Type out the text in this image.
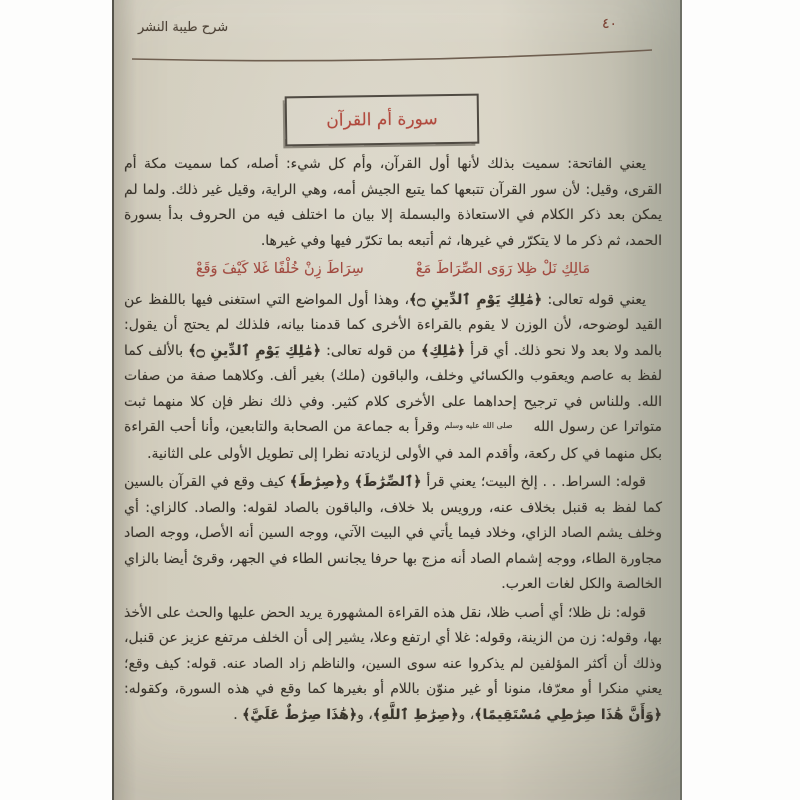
شرح طيبة النشر	٤٠
سورة أم القرآن

يعني الفاتحة: سميت بذلك لأنها أول القرآن، وأم كل شيء: أصله، كما سميت مكة أم القرى، وقيل: لأن سور القرآن تتبعها كما يتبع الجيش أمه، وهي الراية، وقيل غير ذلك. ولما لم يمكن بعد ذكر الكلام في الاستعاذة والبسملة إلا بيان ما اختلف فيه من الحروف بدأ بسورة الحمد، ثم ذكر ما لا يتكرّر في غيرها، ثم أتبعه بما تكرّر فيها وفي غيرها.

مَالِكِ نَلْ ظِلا رَوَى الصِّرَاطَ مَعْ
سِرَاطَ زِنْ خُلْفًا غَلا كَيْفَ وَقَعْ

يعني قوله تعالى: ﴿مَٰلِكِ يَوْمِ ٱلدِّينِ ۝﴾، وهذا أول المواضع التي استغنى فيها باللفظ عن القيد لوضوحه، لأن الوزن لا يقوم بالقراءة الأخرى كما قدمنا بيانه، فلذلك لم يحتج أن يقول: بالمد ولا بعد ولا نحو ذلك. أي قرأ ﴿مَٰلِكِ﴾ من قوله تعالى: ﴿مَٰلِكِ يَوْمِ ٱلدِّينِ ۝﴾ بالألف كما لفظ به عاصم ويعقوب والكسائي وخلف، والباقون (ملك) بغير ألف. وكلاهما صفة من صفات الله. وللناس في ترجيح إحداهما على الأخرى كلام كثير. وفي ذلك نظر فإن كلا منهما ثبت متواترا عن رسول الله صلى الله عليه وسلم وقرأ به جماعة من الصحابة والتابعين، وأنا أحب القراءة بكل منهما في كل ركعة، وأقدم المد في الأولى لزيادته نظرا إلى تطويل الأولى على الثانية.

قوله: السراط. . . إلخ البيت؛ يعني قرأ ﴿ٱلصِّرَٰطَ﴾ و﴿صِرَٰطَ﴾ كيف وقع في القرآن بالسين كما لفظ به قنبل بخلاف عنه، ورويس بلا خلاف، والباقون بالصاد لقوله: والصاد. كالزاي: أي وخلف يشم الصاد الزاي، وخلاد فيما يأتي في البيت الآتي، ووجه السين أنه الأصل، ووجه الصاد مجاورة الطاء، ووجه إشمام الصاد أنه مزج بها حرفا يجانس الطاء في الجهر، وقرئ أيضا بالزاي الخالصة والكل لغات العرب.

قوله: نل ظلا؛ أي أصب ظلا، نقل هذه القراءة المشهورة يريد الحض عليها والحث على الأخذ بها، وقوله: زن من الزينة، وقوله: غلا أي ارتفع وعلا، يشير إلى أن الخلف مرتفع عزيز عن قنبل، وذلك أن أكثر المؤلفين لم يذكروا عنه سوى السين، والناظم زاد الصاد عنه. قوله: كيف وقع؛ يعني منكرا أو معرّفا، منونا أو غير منوّن باللام أو بغيرها كما وقع في هذه السورة، وكقوله: ﴿وَأَنَّ هَٰذَا صِرَٰطِي مُسْتَقِيمًا﴾، و﴿صِرَٰطِ ٱللَّهِ﴾، و﴿هَٰذَا صِرَٰطٌ عَلَيَّ﴾ .
